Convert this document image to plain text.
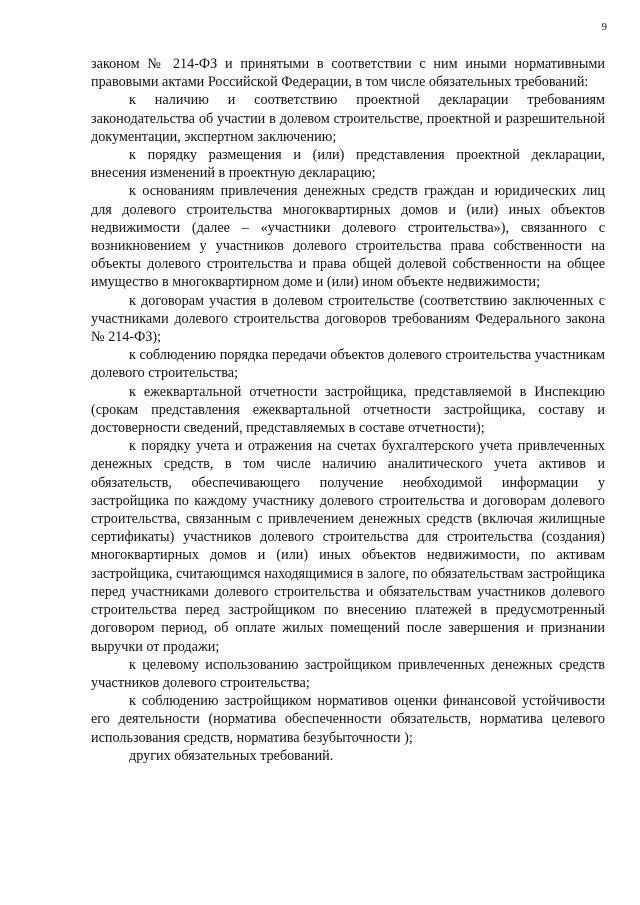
9

законом № 214-ФЗ и принятыми в соответствии с ним иными нормативными правовыми актами Российской Федерации, в том числе обязательных требований:

к наличию и соответствию проектной декларации требованиям законодательства об участии в долевом строительстве, проектной и разрешительной документации, экспертном заключению;

к порядку размещения и (или) представления проектной декларации, внесения изменений в проектную декларацию;

к основаниям привлечения денежных средств граждан и юридических лиц для долевого строительства многоквартирных домов и (или) иных объектов недвижимости (далее – «участники долевого строительства»), связанного с возникновением у участников долевого строительства права собственности на объекты долевого строительства и права общей долевой собственности на общее имущество в многоквартирном доме и (или) ином объекте недвижимости;

к договорам участия в долевом строительстве (соответствию заключенных с участниками долевого строительства договоров требованиям Федерального закона № 214-ФЗ);

к соблюдению порядка передачи объектов долевого строительства участникам долевого строительства;

к ежеквартальной отчетности застройщика, представляемой в Инспекцию (срокам представления ежеквартальной отчетности застройщика, составу и достоверности сведений, представляемых в составе отчетности);

к порядку учета и отражения на счетах бухгалтерского учета привлеченных денежных средств, в том числе наличию аналитического учета активов и обязательств, обеспечивающего получение необходимой информации у застройщика по каждому участнику долевого строительства и договорам долевого строительства, связанным с привлечением денежных средств (включая жилищные сертификаты) участников долевого строительства для строительства (создания) многоквартирных домов и (или) иных объектов недвижимости, по активам застройщика, считающимся находящимися в залоге, по обязательствам застройщика перед участниками долевого строительства и обязательствам участников долевого строительства перед застройщиком по внесению платежей в предусмотренный договором период, об оплате жилых помещений после завершения и признании выручки от продажи;

к целевому использованию застройщиком привлеченных денежных средств участников долевого строительства;

к соблюдению застройщиком нормативов оценки финансовой устойчивости его деятельности (норматива обеспеченности обязательств, норматива целевого использования средств, норматива безубыточности );

других обязательных требований.
